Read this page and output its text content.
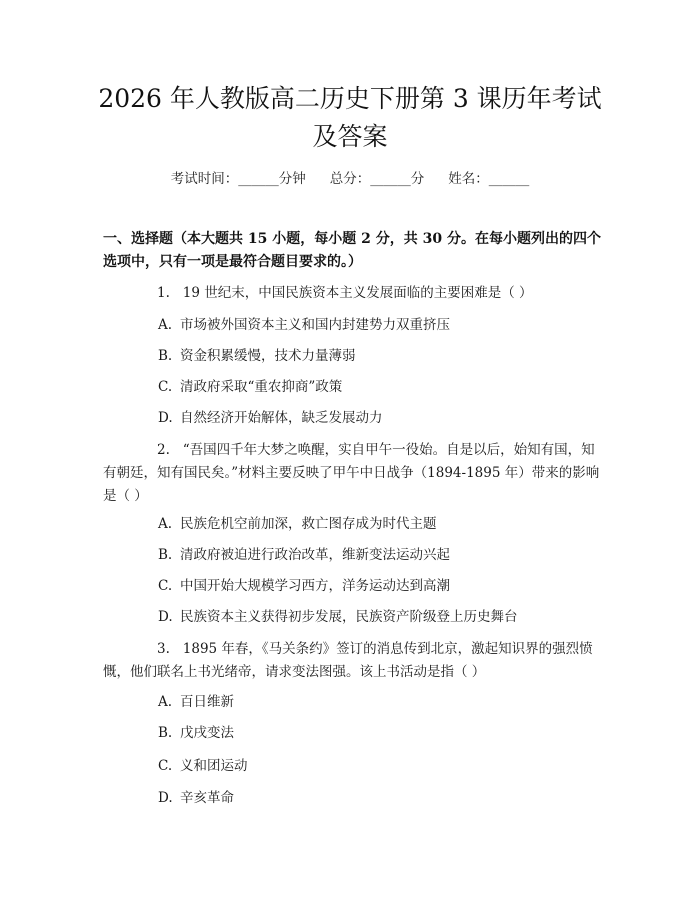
2026 年人教版高二历史下册第 3 课历年考试及答案
考试时间：______分钟 总分：______分 姓名：______
一、选择题（本大题共 15 小题，每小题 2 分，共 30 分。在每小题列出的四个选项中，只有一项是最符合题目要求的。）
1. 19 世纪末，中国民族资本主义发展面临的主要困难是（ ）
A. 市场被外国资本主义和国内封建势力双重挤压
B. 资金积累缓慢，技术力量薄弱
C. 清政府采取“重农抑商”政策
D. 自然经济开始解体，缺乏发展动力
2. “吾国四千年大梦之唤醒，实自甲午一役始。自是以后，始知有国，知有朝廷，知有国民矣。”材料主要反映了甲午中日战争（1894-1895 年）带来的影响是（ ）
A. 民族危机空前加深，救亡图存成为时代主题
B. 清政府被迫进行政治改革，维新变法运动兴起
C. 中国开始大规模学习西方，洋务运动达到高潮
D. 民族资本主义获得初步发展，民族资产阶级登上历史舞台
3. 1895 年春，《马关条约》签订的消息传到北京，激起知识界的强烈愤慨，他们联名上书光绪帝，请求变法图强。该上书活动是指（ ）
A. 百日维新
B. 戊戌变法
C. 义和团运动
D. 辛亥革命
